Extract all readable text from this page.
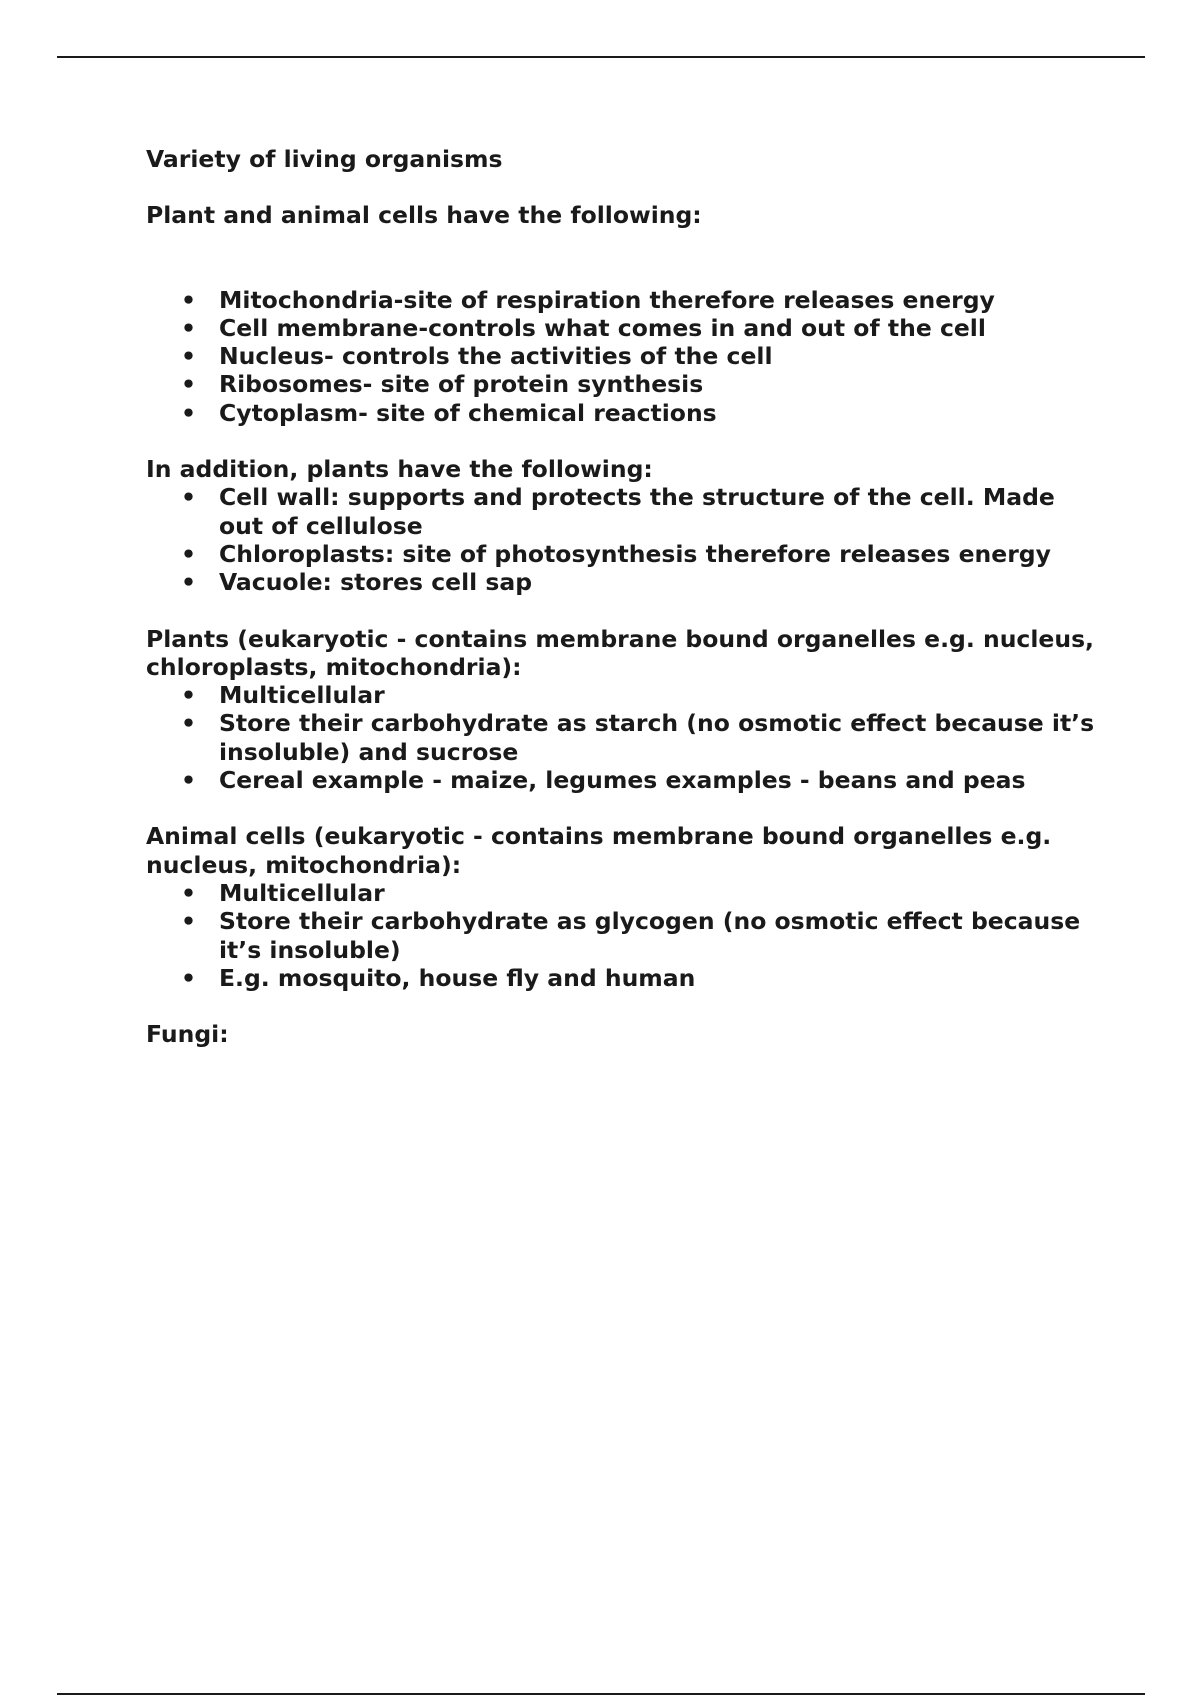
Variety of living organisms

Plant and animal cells have the following:

• Mitochondria-site of respiration therefore releases energy
• Cell membrane-controls what comes in and out of the cell
• Nucleus- controls the activities of the cell
• Ribosomes- site of protein synthesis
• Cytoplasm- site of chemical reactions

In addition, plants have the following:

• Cell wall: supports and protects the structure of the cell. Made out of cellulose
• Chloroplasts: site of photosynthesis therefore releases energy
• Vacuole: stores cell sap

Plants (eukaryotic - contains membrane bound organelles e.g. nucleus, chloroplasts, mitochondria):

• Multicellular
• Store their carbohydrate as starch (no osmotic effect because it’s insoluble) and sucrose
• Cereal example - maize, legumes examples - beans and peas

Animal cells (eukaryotic - contains membrane bound organelles e.g. nucleus, mitochondria):

• Multicellular
• Store their carbohydrate as glycogen (no osmotic effect because it’s insoluble)
• E.g. mosquito, house fly and human

Fungi:
